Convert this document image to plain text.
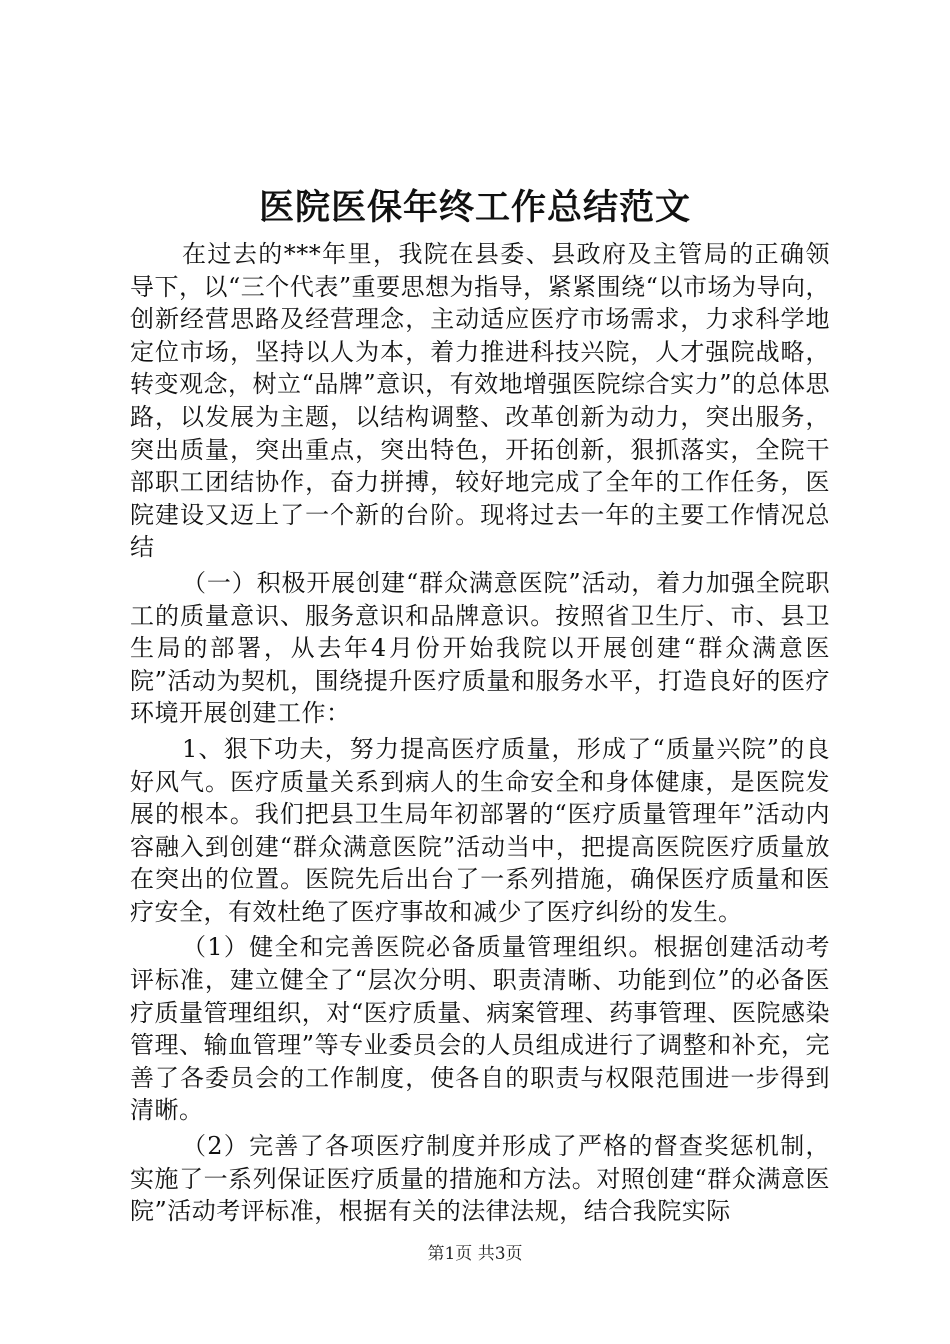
医院医保年终工作总结范文

在过去的***年里，我院在县委、县政府及主管局的正确领导下，以“三个代表”重要思想为指导，紧紧围绕“以市场为导向，创新经营思路及经营理念，主动适应医疗市场需求，力求科学地定位市场，坚持以人为本，着力推进科技兴院，人才强院战略，转变观念，树立“品牌”意识，有效地增强医院综合实力”的总体思路，以发展为主题，以结构调整、改革创新为动力，突出服务，突出质量，突出重点，突出特色，开拓创新，狠抓落实，全院干部职工团结协作，奋力拼搏，较好地完成了全年的工作任务，医院建设又迈上了一个新的台阶。现将过去一年的主要工作情况总结

（一）积极开展创建“群众满意医院”活动，着力加强全院职工的质量意识、服务意识和品牌意识。按照省卫生厅、市、县卫生局的部署，从去年4月份开始我院以开展创建“群众满意医院”活动为契机，围绕提升医疗质量和服务水平，打造良好的医疗环境开展创建工作：

1、狠下功夫，努力提高医疗质量，形成了“质量兴院”的良好风气。医疗质量关系到病人的生命安全和身体健康，是医院发展的根本。我们把县卫生局年初部署的“医疗质量管理年”活动内容融入到创建“群众满意医院”活动当中，把提高医院医疗质量放在突出的位置。医院先后出台了一系列措施，确保医疗质量和医疗安全，有效杜绝了医疗事故和减少了医疗纠纷的发生。

（1）健全和完善医院必备质量管理组织。根据创建活动考评标准，建立健全了“层次分明、职责清晰、功能到位”的必备医疗质量管理组织，对“医疗质量、病案管理、药事管理、医院感染管理、输血管理”等专业委员会的人员组成进行了调整和补充，完善了各委员会的工作制度，使各自的职责与权限范围进一步得到清晰。

（2）完善了各项医疗制度并形成了严格的督查奖惩机制，实施了一系列保证医疗质量的措施和方法。对照创建“群众满意医院”活动考评标准，根据有关的法律法规，结合我院实际

第1页 共3页
